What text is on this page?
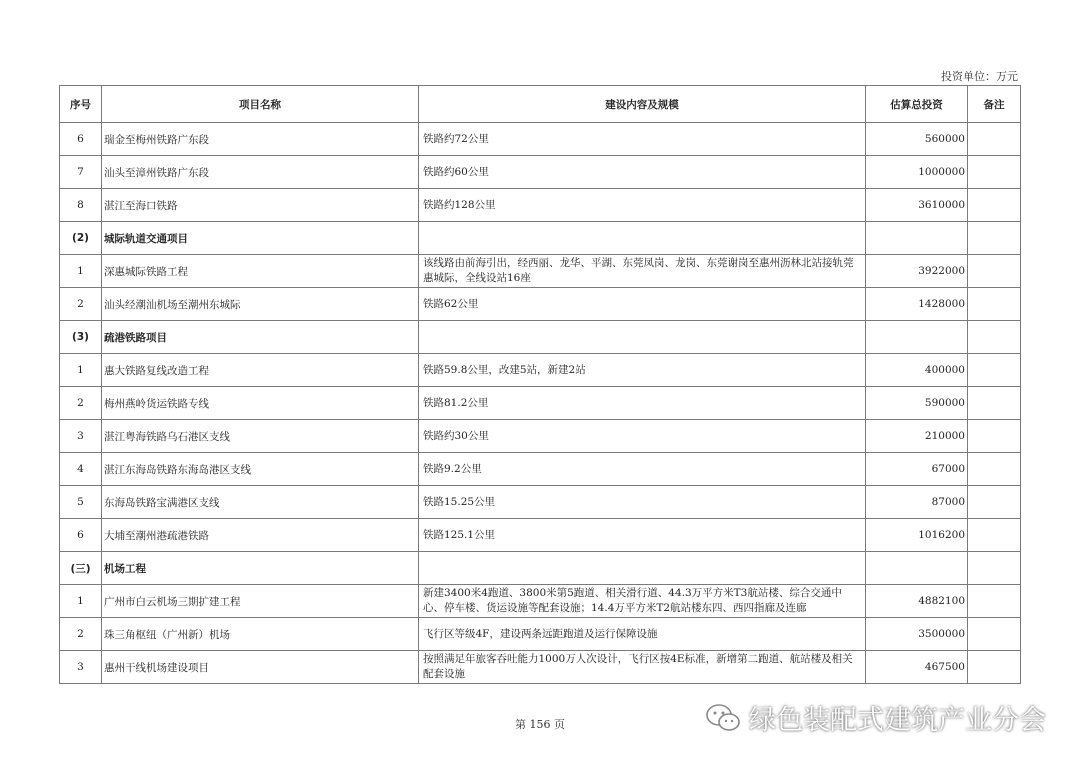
投资单位：万元
序号	项目名称	建设内容及规模	估算总投资	备注
6	瑞金至梅州铁路广东段	铁路约72公里	560000	
7	汕头至漳州铁路广东段	铁路约60公里	1000000	
8	湛江至海口铁路	铁路约128公里	3610000	
(2)	城际轨道交通项目			
1	深惠城际铁路工程	该线路由前海引出，经西丽、龙华、平湖、东莞凤岗、龙岗、东莞谢岗至惠州沥林北站接轨莞惠城际，全线设站16座	3922000	
2	汕头经潮汕机场至潮州东城际	铁路62公里	1428000	
(3)	疏港铁路项目			
1	惠大铁路复线改造工程	铁路59.8公里，改建5站，新建2站	400000	
2	梅州燕岭货运铁路专线	铁路81.2公里	590000	
3	湛江粤海铁路乌石港区支线	铁路约30公里	210000	
4	湛江东海岛铁路东海岛港区支线	铁路9.2公里	67000	
5	东海岛铁路宝满港区支线	铁路15.25公里	87000	
6	大埔至潮州港疏港铁路	铁路125.1公里	1016200	
(三)	机场工程			
1	广州市白云机场三期扩建工程	新建3400米4跑道、3800米第5跑道、相关滑行道、44.3万平方米T3航站楼、综合交通中心、停车楼、货运设施等配套设施；14.4万平方米T2航站楼东四、西四指廊及连廊	4882100	
2	珠三角枢纽（广州新）机场	飞行区等级4F，建设两条远距跑道及运行保障设施	3500000	
3	惠州干线机场建设项目	按照满足年旅客吞吐能力1000万人次设计，飞行区按4E标准，新增第二跑道、航站楼及相关配套设施	467500	
第 156 页	绿色装配式建筑产业分会
